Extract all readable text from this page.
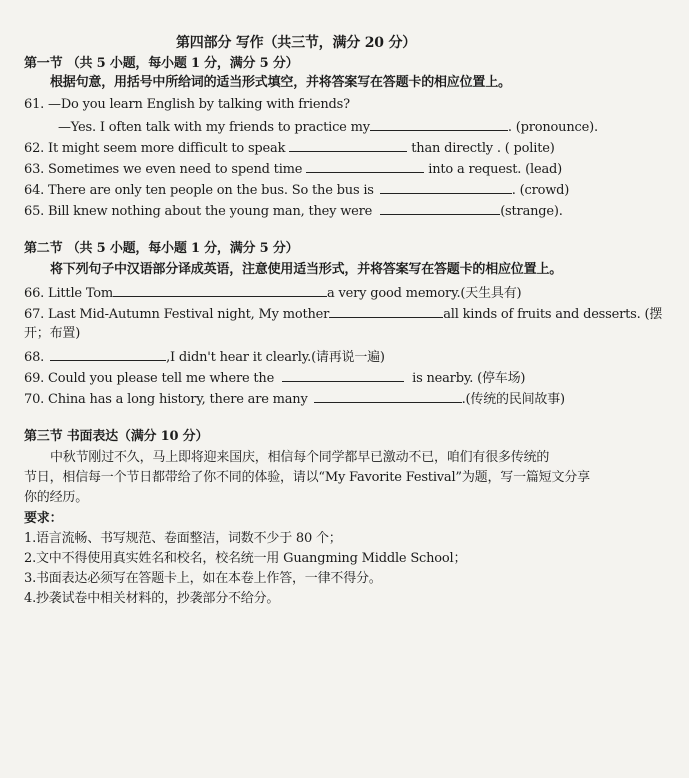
第四部分 写作（共三节，满分 20 分）
第一节 （共 5 小题，每小题 1 分，满分 5 分）
根据句意，用括号中所给词的适当形式填空，并将答案写在答题卡的相应位置上。
61. —Do you learn English by talking with friends?
—Yes. I often talk with my friends to practice my	. (pronounce).
62. It might seem more difficult to speak	than directly . ( polite)
63. Sometimes we even need to spend time	into a request. (lead)
64. There are only ten people on the bus. So the bus is	. (crowd)
65. Bill knew nothing about the young man, they were	(strange).
第二节 （共 5 小题，每小题 1 分，满分 5 分）
将下列句子中汉语部分译成英语，注意使用适当形式，并将答案写在答题卡的相应位置上。
66. Little Tom	a very good memory.(天生具有)
67. Last Mid-Autumn Festival night, My mother	all kinds of fruits and desserts. (摆
开；布置)
68.	,I didn't hear it clearly.(请再说一遍)
69. Could you please tell me where the	is nearby. (停车场)
70. China has a long history, there are many	.(传统的民间故事)
第三节 书面表达（满分 10 分）
中秋节刚过不久，马上即将迎来国庆，相信每个同学都早已激动不已，咱们有很多传统的
节日，相信每一个节日都带给了你不同的体验，请以“My Favorite Festival”为题，写一篇短文分享
你的经历。
要求：
1.语言流畅、书写规范、卷面整洁，词数不少于 80 个；
2.文中不得使用真实姓名和校名，校名统一用 Guangming Middle School；
3.书面表达必须写在答题卡上，如在本卷上作答，一律不得分。
4.抄袭试卷中相关材料的，抄袭部分不给分。
